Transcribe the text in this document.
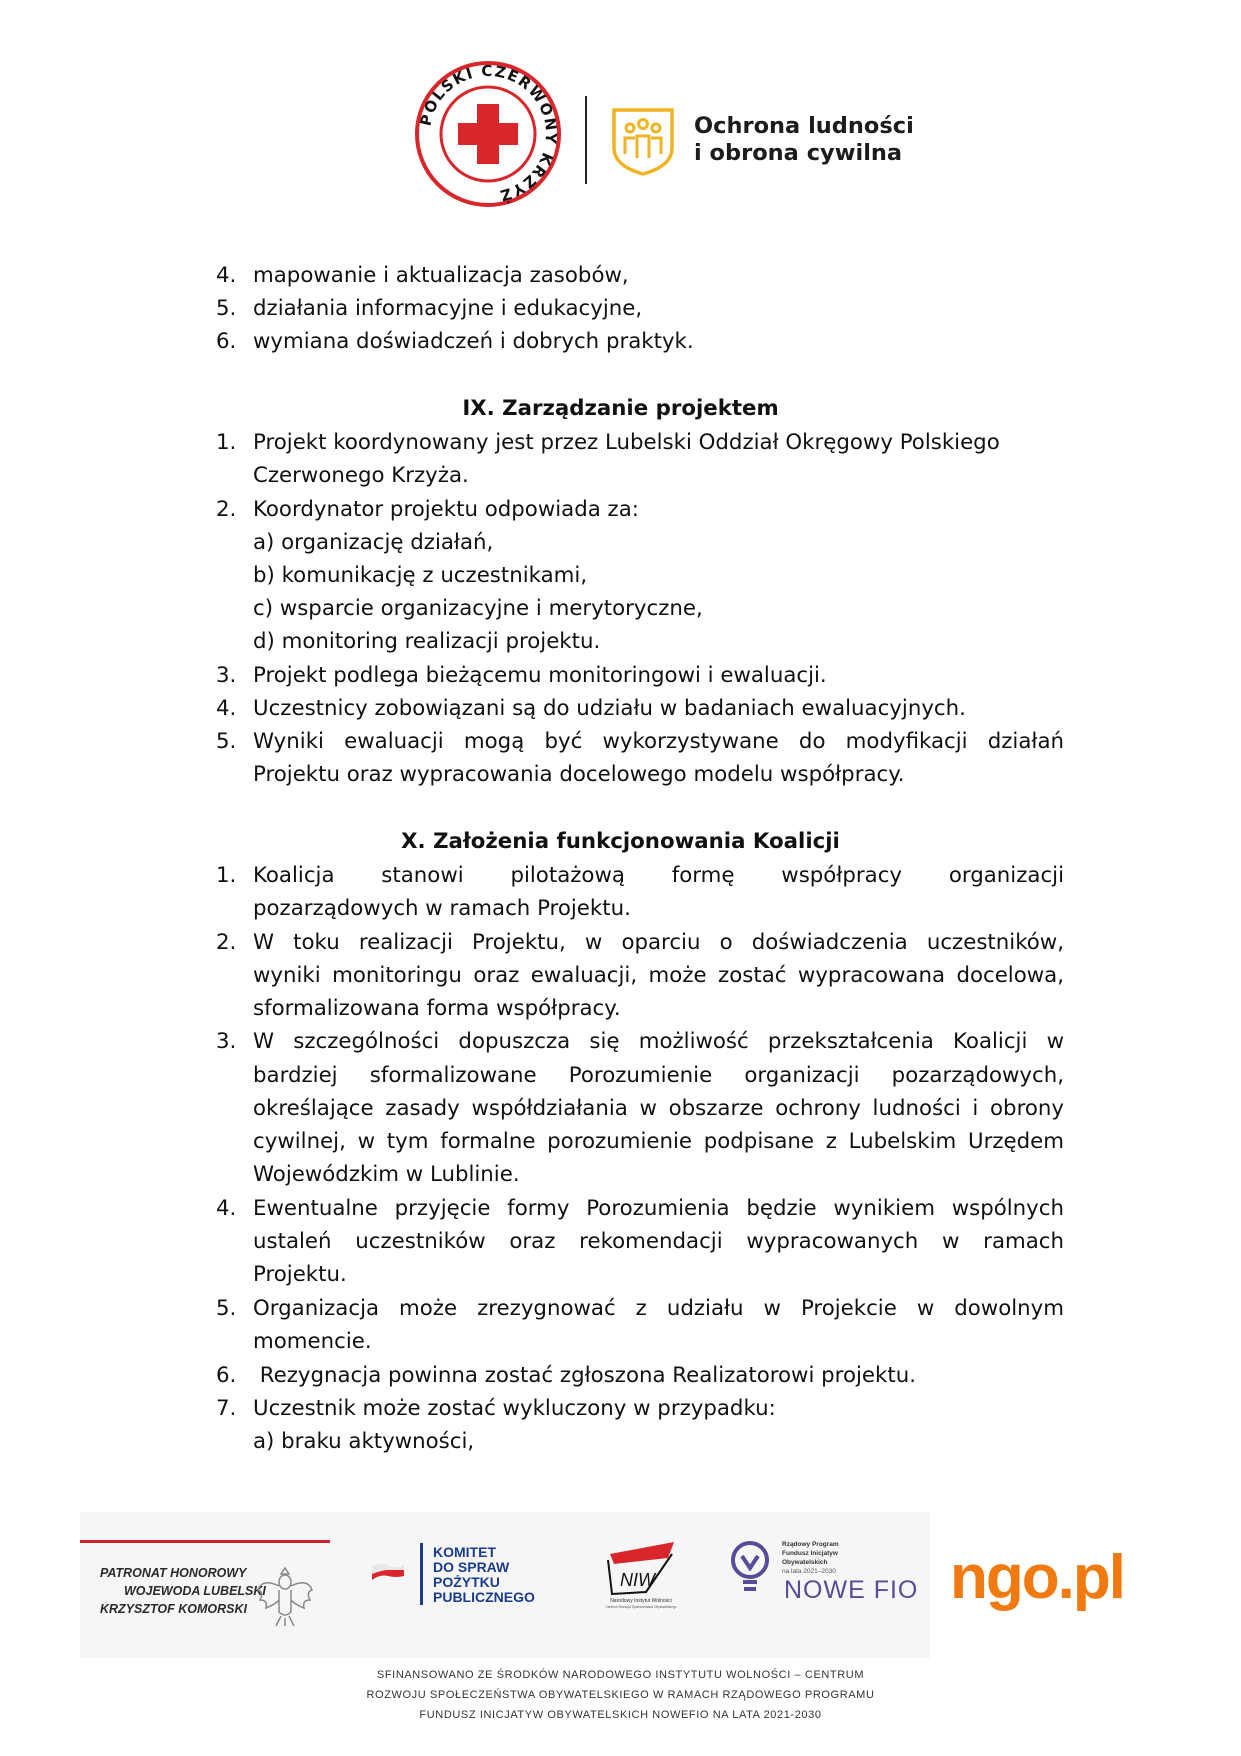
POLSKI CZERWONY KRZYŻ
Ochrona ludności
i obrona cywilna
4. mapowanie i aktualizacja zasobów,
5. działania informacyjne i edukacyjne,
6. wymiana doświadczeń i dobrych praktyk.
IX. Zarządzanie projektem
1. Projekt koordynowany jest przez Lubelski Oddział Okręgowy Polskiego
Czerwonego Krzyża.
2. Koordynator projektu odpowiada za:
a) organizację działań,
b) komunikację z uczestnikami,
c) wsparcie organizacyjne i merytoryczne,
d) monitoring realizacji projektu.
3. Projekt podlega bieżącemu monitoringowi i ewaluacji.
4. Uczestnicy zobowiązani są do udziału w badaniach ewaluacyjnych.
5. Wyniki ewaluacji mogą być wykorzystywane do modyfikacji działań
Projektu oraz wypracowania docelowego modelu współpracy.
X. Założenia funkcjonowania Koalicji
1. Koalicja stanowi pilotażową formę współpracy organizacji
pozarządowych w ramach Projektu.
2. W toku realizacji Projektu, w oparciu o doświadczenia uczestników,
wyniki monitoringu oraz ewaluacji, może zostać wypracowana docelowa,
sformalizowana forma współpracy.
3. W szczególności dopuszcza się możliwość przekształcenia Koalicji w
bardziej sformalizowane Porozumienie organizacji pozarządowych,
określające zasady współdziałania w obszarze ochrony ludności i obrony
cywilnej, w tym formalne porozumienie podpisane z Lubelskim Urzędem
Wojewódzkim w Lublinie.
4. Ewentualne przyjęcie formy Porozumienia będzie wynikiem wspólnych
ustaleń uczestników oraz rekomendacji wypracowanych w ramach
Projektu.
5. Organizacja może zrezygnować z udziału w Projekcie w dowolnym
momencie.
6. Rezygnacja powinna zostać zgłoszona Realizatorowi projektu.
7. Uczestnik może zostać wykluczony w przypadku:
a) braku aktywności,
PATRONAT HONOROWY
WOJEWODA LUBELSKI
KRZYSZTOF KOMORSKI
KOMITET
DO SPRAW
POŻYTKU
PUBLICZNEGO
NIW
Narodowy Instytut Wolności
Centrum Rozwoju Społeczeństwa Obywatelskiego
Rządowy Program
Fundusz Inicjatyw
Obywatelskich
na lata 2021–2030
NOWE FIO ngo.pl
SFINANSOWANO ZE ŚRODKÓW NARODOWEGO INSTYTUTU WOLNOŚCI – CENTRUM
ROZWOJU SPOŁECZEŃSTWA OBYWATELSKIEGO W RAMACH RZĄDOWEGO PROGRAMU
FUNDUSZ INICJATYW OBYWATELSKICH NOWEFIO NA LATA 2021-2030
